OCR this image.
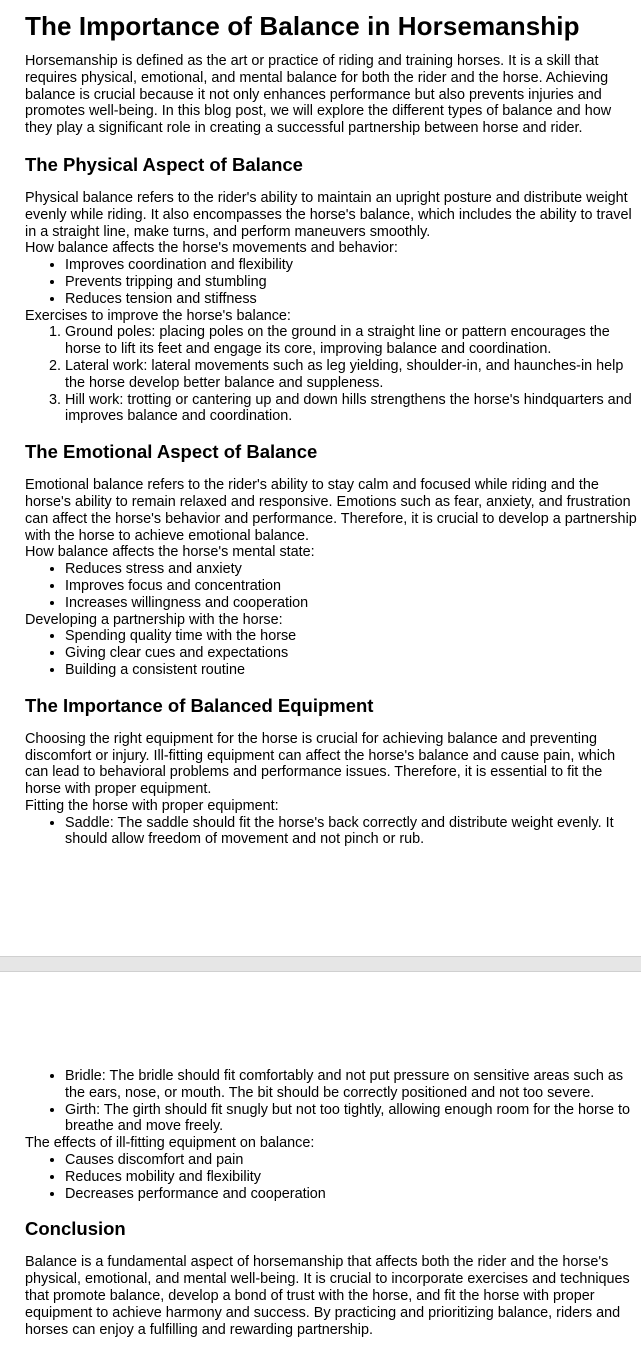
The Importance of Balance in Horsemanship

Horsemanship is defined as the art or practice of riding and training horses. It is a skill that requires physical, emotional, and mental balance for both the rider and the horse. Achieving balance is crucial because it not only enhances performance but also prevents injuries and promotes well-being. In this blog post, we will explore the different types of balance and how they play a significant role in creating a successful partnership between horse and rider.

The Physical Aspect of Balance

Physical balance refers to the rider's ability to maintain an upright posture and distribute weight evenly while riding. It also encompasses the horse's balance, which includes the ability to travel in a straight line, make turns, and perform maneuvers smoothly.

How balance affects the horse's movements and behavior:

• Improves coordination and flexibility
• Prevents tripping and stumbling
• Reduces tension and stiffness

Exercises to improve the horse's balance:

1. Ground poles: placing poles on the ground in a straight line or pattern encourages the horse to lift its feet and engage its core, improving balance and coordination.
2. Lateral work: lateral movements such as leg yielding, shoulder-in, and haunches-in help the horse develop better balance and suppleness.
3. Hill work: trotting or cantering up and down hills strengthens the horse's hindquarters and improves balance and coordination.
The Emotional Aspect of Balance

Emotional balance refers to the rider's ability to stay calm and focused while riding and the horse's ability to remain relaxed and responsive. Emotions such as fear, anxiety, and frustration can affect the horse's behavior and performance. Therefore, it is crucial to develop a partnership with the horse to achieve emotional balance.

How balance affects the horse's mental state:

• Reduces stress and anxiety
• Improves focus and concentration
• Increases willingness and cooperation

Developing a partnership with the horse:

• Spending quality time with the horse
• Giving clear cues and expectations
• Building a consistent routine
The Importance of Balanced Equipment

Choosing the right equipment for the horse is crucial for achieving balance and preventing discomfort or injury. Ill-fitting equipment can affect the horse's balance and cause pain, which can lead to behavioral problems and performance issues. Therefore, it is essential to fit the horse with proper equipment.

Fitting the horse with proper equipment:

• Saddle: The saddle should fit the horse's back correctly and distribute weight evenly. It should allow freedom of movement and not pinch or rub.
• Bridle: The bridle should fit comfortably and not put pressure on sensitive areas such as the ears, nose, or mouth. The bit should be correctly positioned and not too severe.
• Girth: The girth should fit snugly but not too tightly, allowing enough room for the horse to breathe and move freely.

The effects of ill-fitting equipment on balance:

• Causes discomfort and pain
• Reduces mobility and flexibility
• Decreases performance and cooperation
Conclusion

Balance is a fundamental aspect of horsemanship that affects both the rider and the horse's physical, emotional, and mental well-being. It is crucial to incorporate exercises and techniques that promote balance, develop a bond of trust with the horse, and fit the horse with proper equipment to achieve harmony and success. By practicing and prioritizing balance, riders and horses can enjoy a fulfilling and rewarding partnership.
